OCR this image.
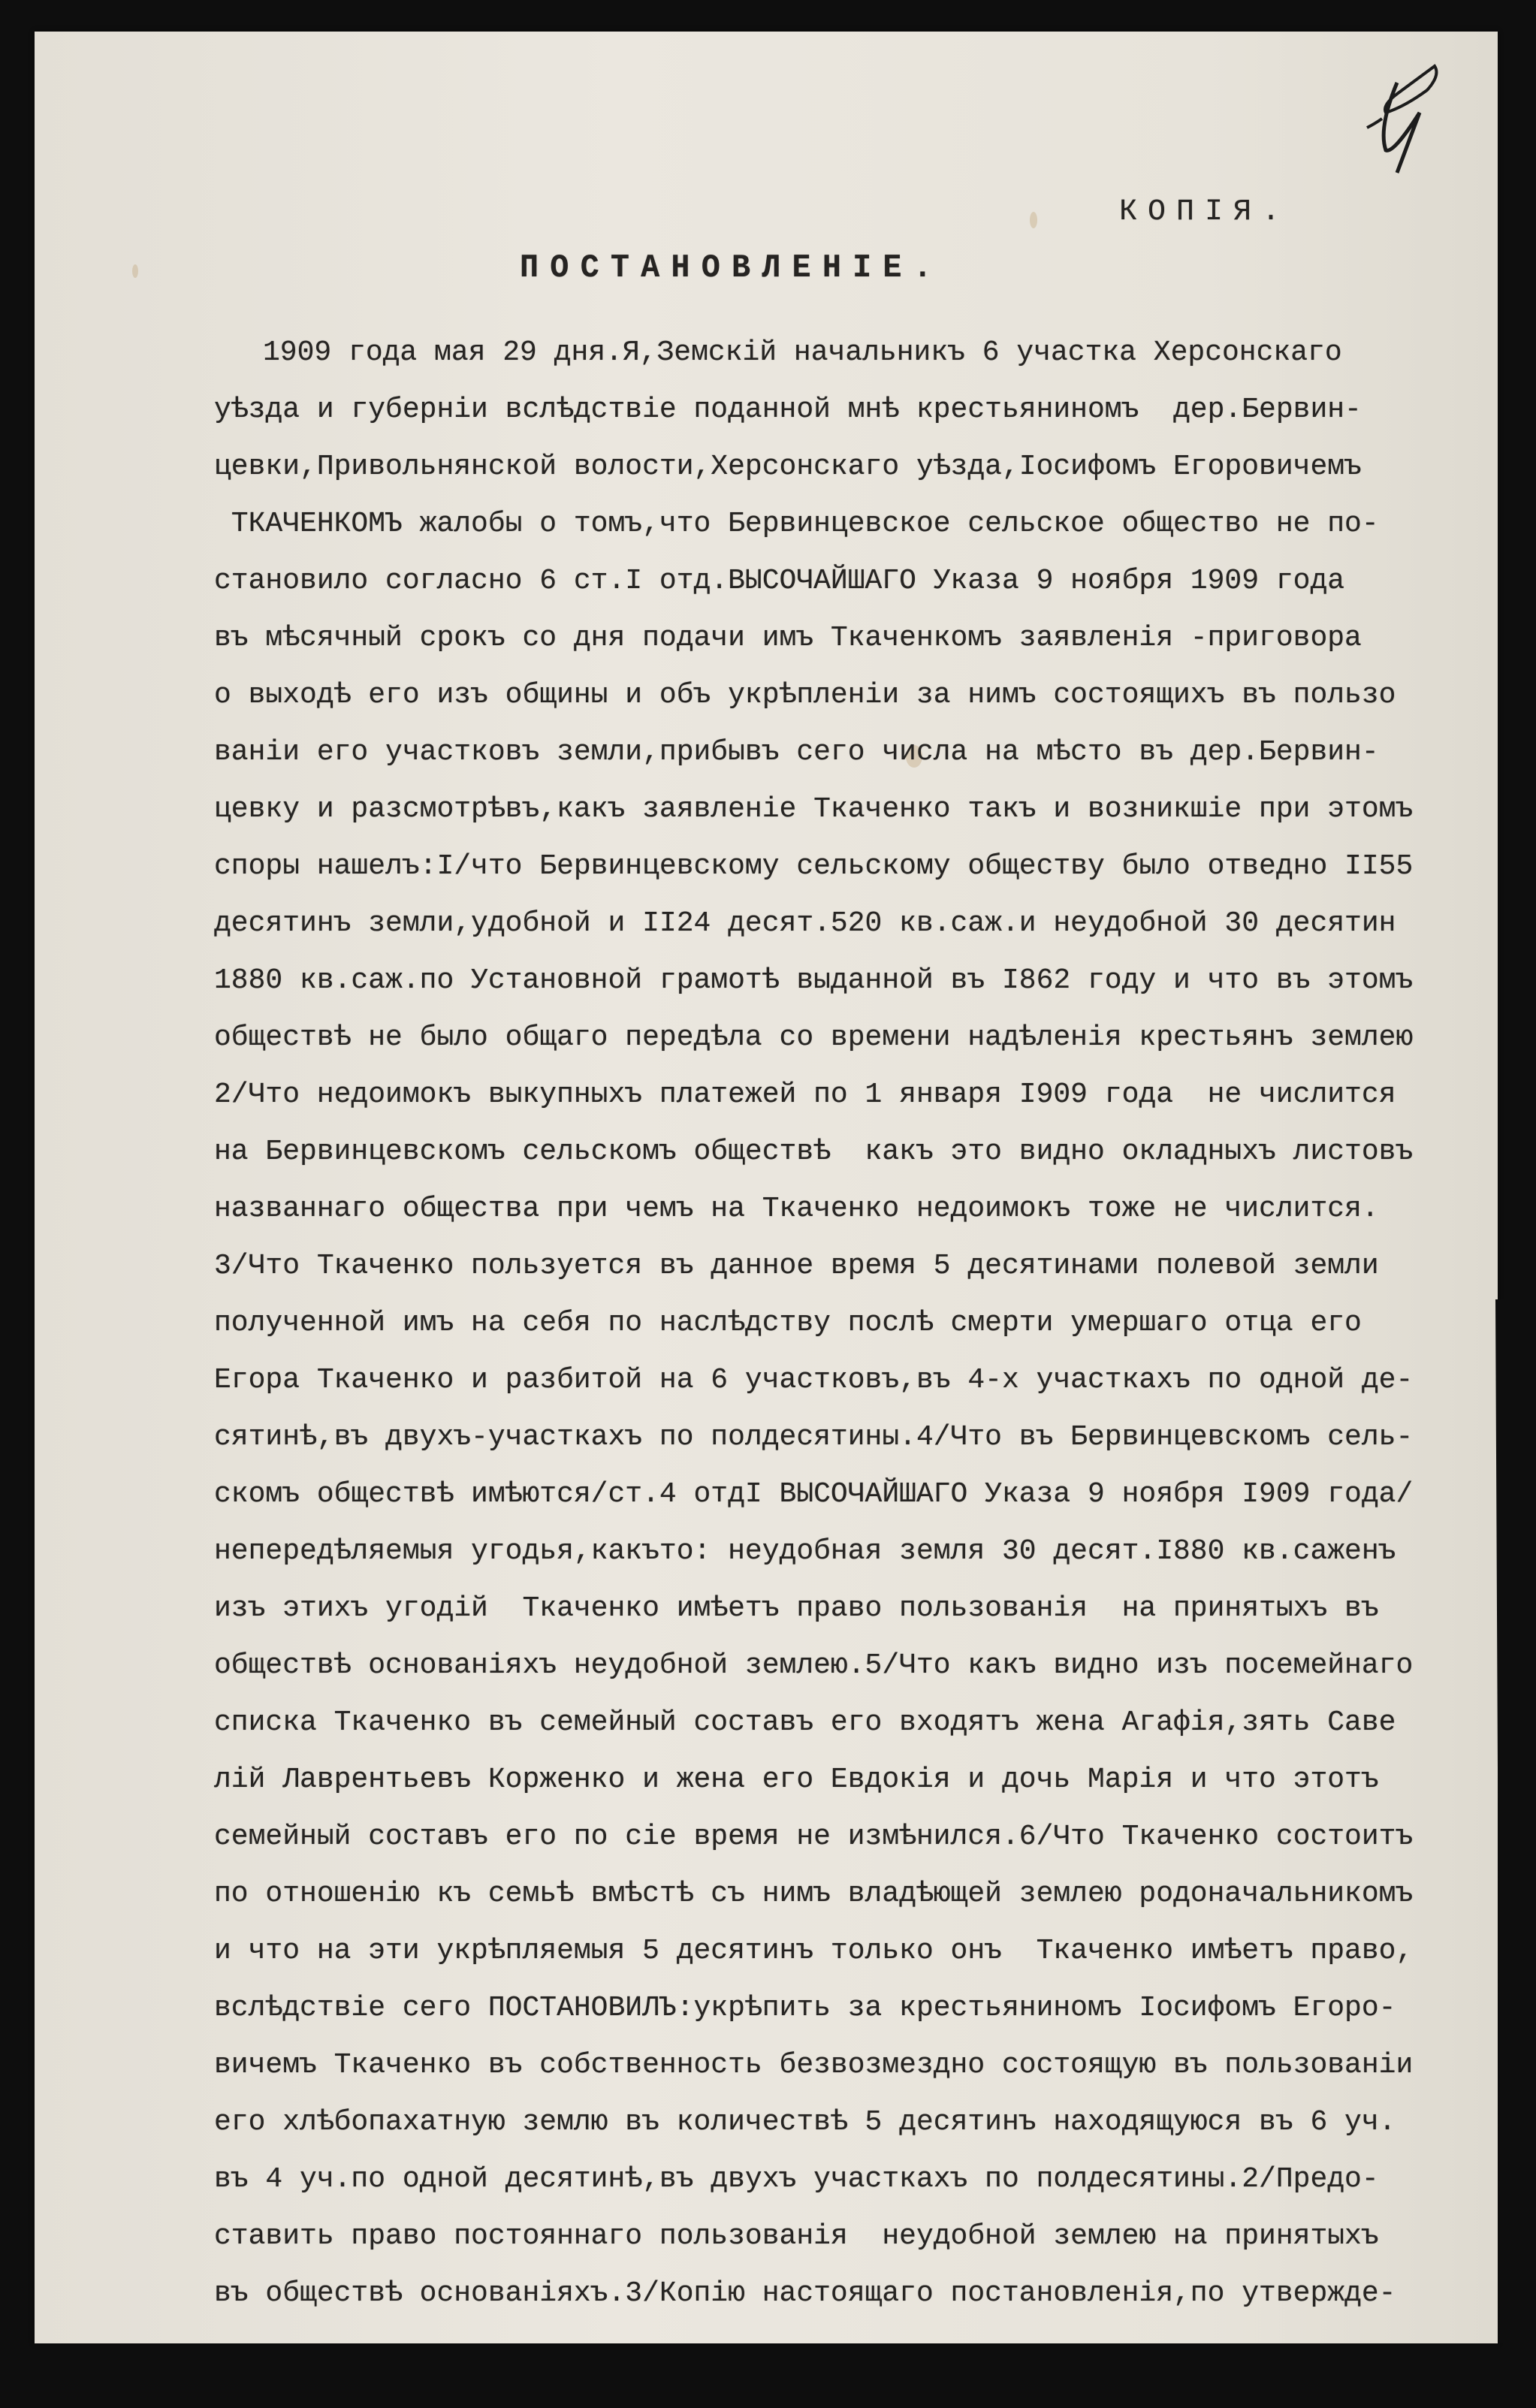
КОПIЯ.
ПОСТАНОВЛЕНIЕ.
1909 года мая 29 дня.Я,Земскiй начальникъ 6 участка Херсонскаго
уѣзда и губернiи вслѣдствiе поданной мнѣ крестьяниномъ  дер.Бервин-
цевки,Привольнянской волости,Херсонскаго уѣзда,Iосифомъ Егоровичемъ
ТКАЧЕНКОМЪ жалобы о томъ,что Бервинцевское сельское общество не по-
становило согласно 6 ст.I отд.ВЫСОЧАЙШАГО Указа 9 ноября 1909 года
въ мѣсячный срокъ со дня подачи имъ Ткаченкомъ заявленiя -приговора
о выходѣ его изъ общины и объ укрѣпленiи за нимъ состоящихъ въ пользо
ванiи его участковъ земли,прибывъ сего числа на мѣсто въ дер.Бервин-
цевку и разсмотрѣвъ,какъ заявленiе Ткаченко такъ и возникшiе при этомъ
споры нашелъ:I/что Бервинцевскому сельскому обществу было отведно II55
десятинъ земли,удобной и II24 десят.520 кв.саж.и неудобной 30 десятин
1880 кв.саж.по Установной грамотѣ выданной въ I862 году и что въ этомъ
обществѣ не было общаго передѣла со времени надѣленiя крестьянъ землею
2/Что недоимокъ выкупныхъ платежей по 1 января I909 года  не числится
на Бервинцевскомъ сельскомъ обществѣ  какъ это видно окладныхъ листовъ
названнаго общества при чемъ на Ткаченко недоимокъ тоже не числится.
3/Что Ткаченко пользуется въ данное время 5 десятинами полевой земли
полученной имъ на себя по наслѣдству послѣ смерти умершаго отца его
Егора Ткаченко и разбитой на 6 участковъ,въ 4-х участкахъ по одной де-
сятинѣ,въ двухъ-участкахъ по полдесятины.4/Что въ Бервинцевскомъ сель-
скомъ обществѣ имѣются/ст.4 отдI ВЫСОЧАЙШАГО Указа 9 ноября I909 года/
непередѣляемыя угодья,какъто: неудобная земля 30 десят.I880 кв.саженъ
изъ этихъ угодiй  Ткаченко имѣетъ право пользованiя  на принятыхъ въ
обществѣ основанiяхъ неудобной землею.5/Что какъ видно изъ посемейнаго
списка Ткаченко въ семейный составъ его входятъ жена Агафiя,зять Саве
лiй Лаврентьевъ Корженко и жена его Евдокiя и дочь Марiя и что этотъ
семейный составъ его по сiе время не измѣнился.6/Что Ткаченко состоитъ
по отношенiю къ семьѣ вмѣстѣ съ нимъ владѣющей землею родоначальникомъ
и что на эти укрѣпляемыя 5 десятинъ только онъ  Ткаченко имѣетъ право,
вслѣдствiе сего ПОСТАНОВИЛЪ:укрѣпить за крестьяниномъ Iосифомъ Егоро-
вичемъ Ткаченко въ собственность безвозмездно состоящую въ пользованiи
его хлѣбопахатную землю въ количествѣ 5 десятинъ находящуюся въ 6 уч.
въ 4 уч.по одной десятинѣ,въ двухъ участкахъ по полдесятины.2/Предо-
ставить право постояннаго пользованiя  неудобной землею на принятыхъ
въ обществѣ основанiяхъ.3/Копiю настоящаго постановленiя,по утвержде-
